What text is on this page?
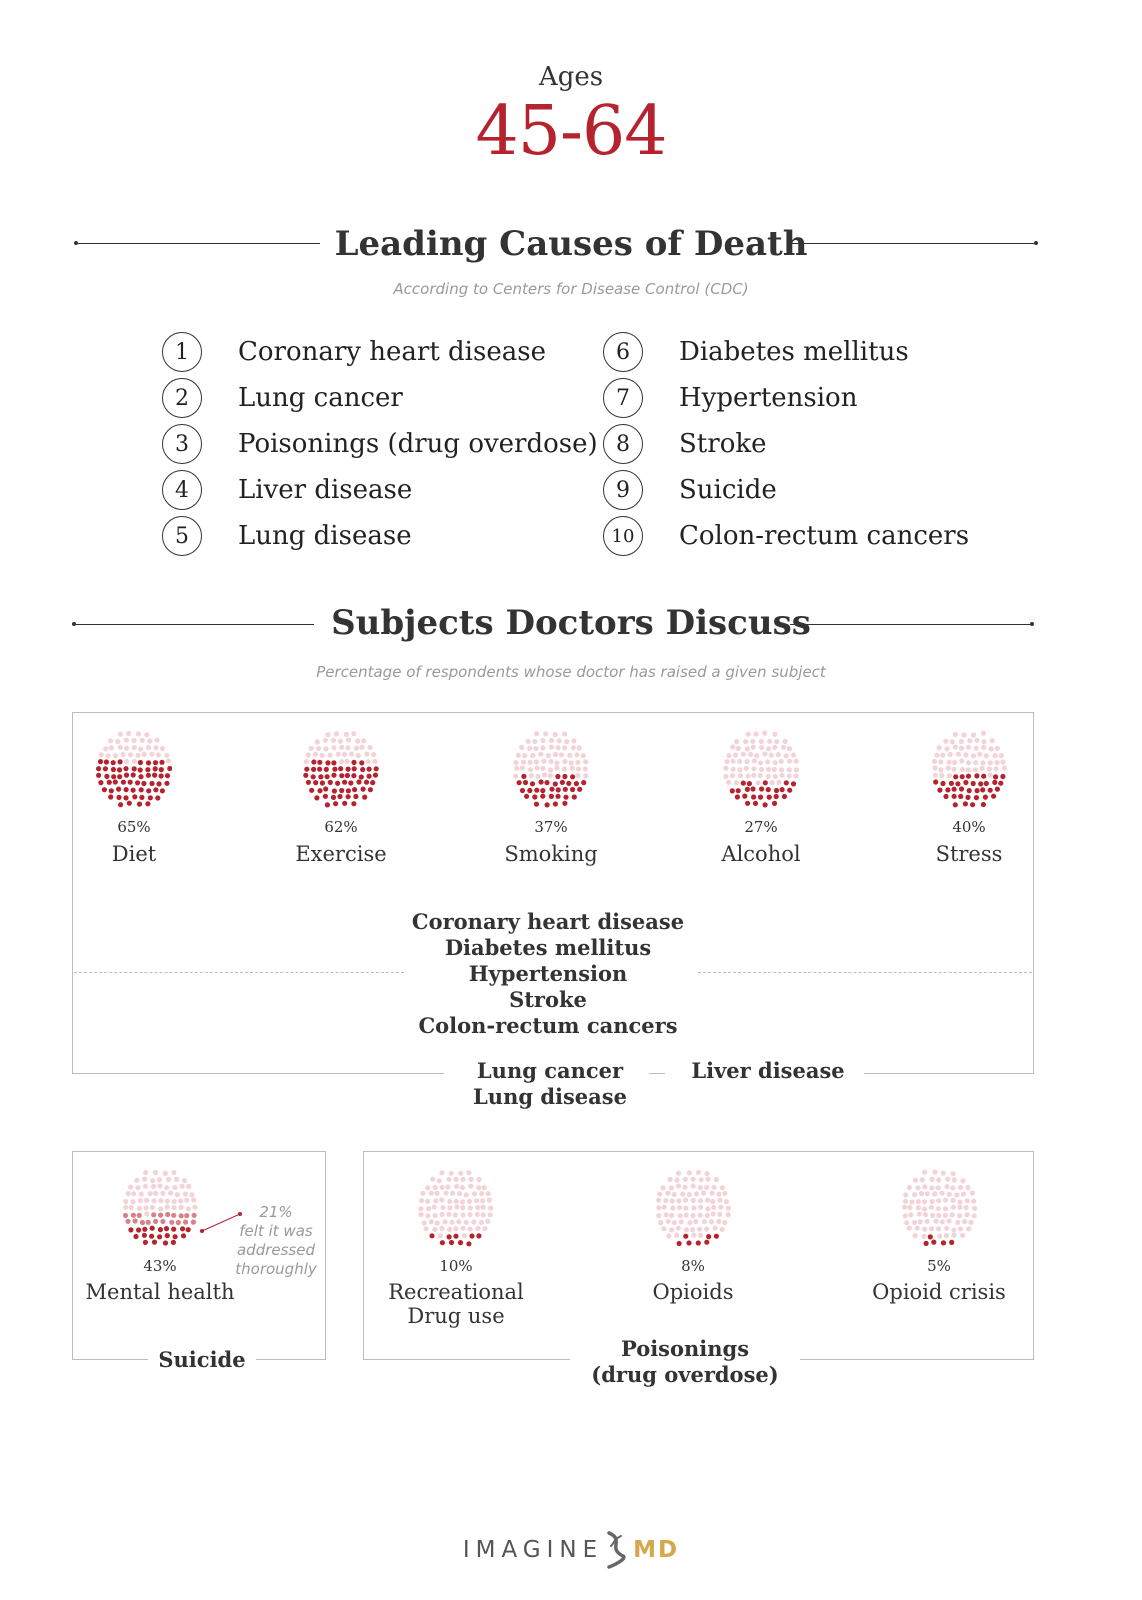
Ages
45-64
Leading Causes of Death
According to Centers for Disease Control (CDC)
1	Coronary heart disease
2	Lung cancer
3	Poisonings (drug overdose)
4	Liver disease
5	Lung disease
6	Diabetes mellitus
7	Hypertension
8	Stroke
9	Suicide
10	Colon-rectum cancers
Subjects Doctors Discuss
Percentage of respondents whose doctor has raised a given subject
Coronary heart disease
Diabetes mellitus
Hypertension
Stroke
Colon-rectum cancers
Lung cancer
Lung disease
Liver disease
Suicide
21%
felt it was
addressed
thoroughly
Poisonings
(drug overdose)
65%
Diet
62%
Exercise
37%
Smoking
27%
Alcohol
40%
Stress
43%
Mental health
10%
Recreational
Drug use
8%
Opioids
5%
Opioid crisis
IMAGINE MD
